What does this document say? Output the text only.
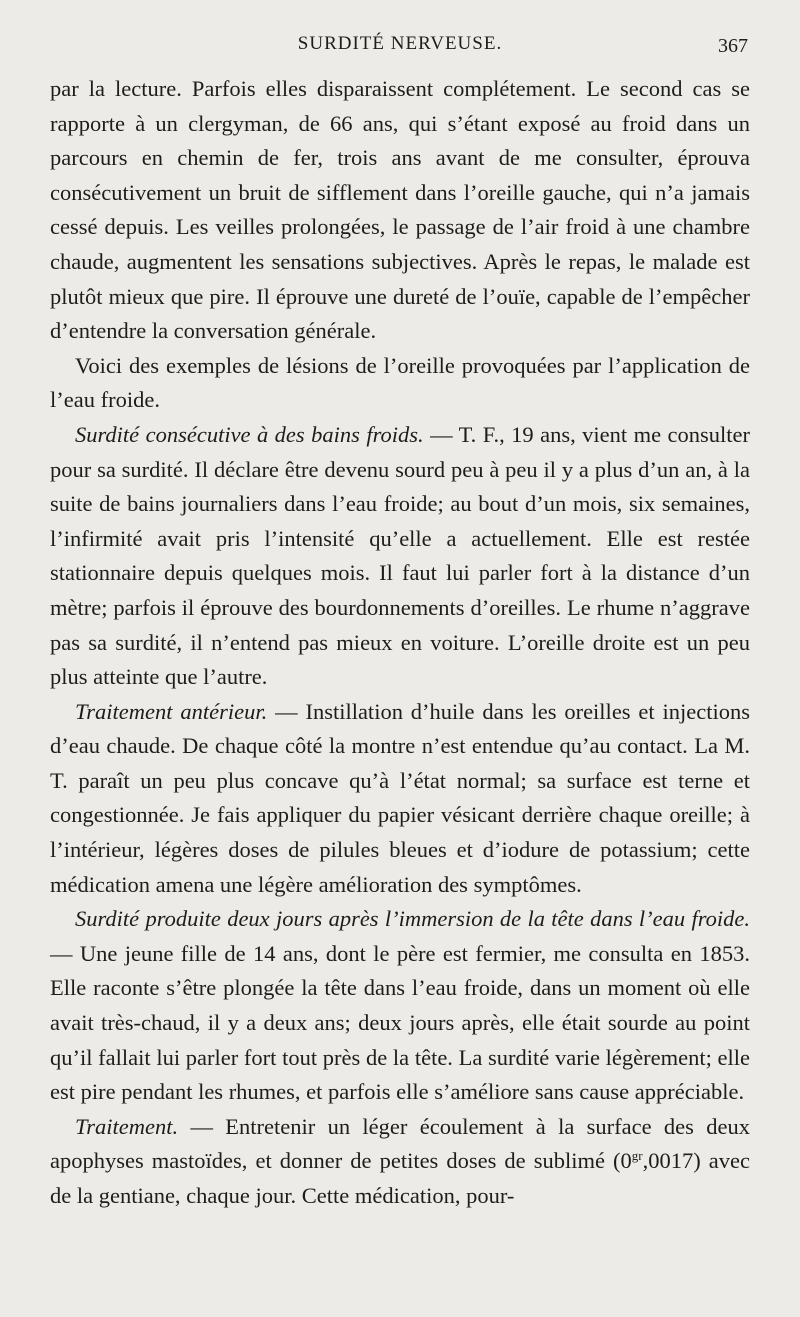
SURDITÉ NERVEUSE.	367

par la lecture. Parfois elles disparaissent complétement. Le second cas se rapporte à un clergyman, de 66 ans, qui s’étant exposé au froid dans un parcours en chemin de fer, trois ans avant de me consulter, éprouva consécutivement un bruit de sifflement dans l’oreille gauche, qui n’a jamais cessé depuis. Les veilles prolongées, le passage de l’air froid à une chambre chaude, augmentent les sensations subjectives. Après le repas, le malade est plutôt mieux que pire. Il éprouve une dureté de l’ouïe, capable de l’empêcher d’entendre la conversation générale.

Voici des exemples de lésions de l’oreille provoquées par l’application de l’eau froide.

Surdité consécutive à des bains froids. — T. F., 19 ans, vient me consulter pour sa surdité. Il déclare être devenu sourd peu à peu il y a plus d’un an, à la suite de bains journaliers dans l’eau froide; au bout d’un mois, six semaines, l’infirmité avait pris l’intensité qu’elle a actuellement. Elle est restée stationnaire depuis quelques mois. Il faut lui parler fort à la distance d’un mètre; parfois il éprouve des bourdonnements d’oreilles. Le rhume n’aggrave pas sa surdité, il n’entend pas mieux en voiture. L’oreille droite est un peu plus atteinte que l’autre.

Traitement antérieur. — Instillation d’huile dans les oreilles et injections d’eau chaude. De chaque côté la montre n’est entendue qu’au contact. La M. T. paraît un peu plus concave qu’à l’état normal; sa surface est terne et congestionnée. Je fais appliquer du papier vésicant derrière chaque oreille; à l’intérieur, légères doses de pilules bleues et d’iodure de potassium; cette médication amena une légère amélioration des symptômes.

Surdité produite deux jours après l’immersion de la tête dans l’eau froide. — Une jeune fille de 14 ans, dont le père est fermier, me consulta en 1853. Elle raconte s’être plongée la tête dans l’eau froide, dans un moment où elle avait très-chaud, il y a deux ans; deux jours après, elle était sourde au point qu’il fallait lui parler fort tout près de la tête. La surdité varie légèrement; elle est pire pendant les rhumes, et parfois elle s’améliore sans cause appréciable.

Traitement. — Entretenir un léger écoulement à la surface des deux apophyses mastoïdes, et donner de petites doses de sublimé $(0^{gr},0017)$ avec de la gentiane, chaque jour. Cette médication, pour-
